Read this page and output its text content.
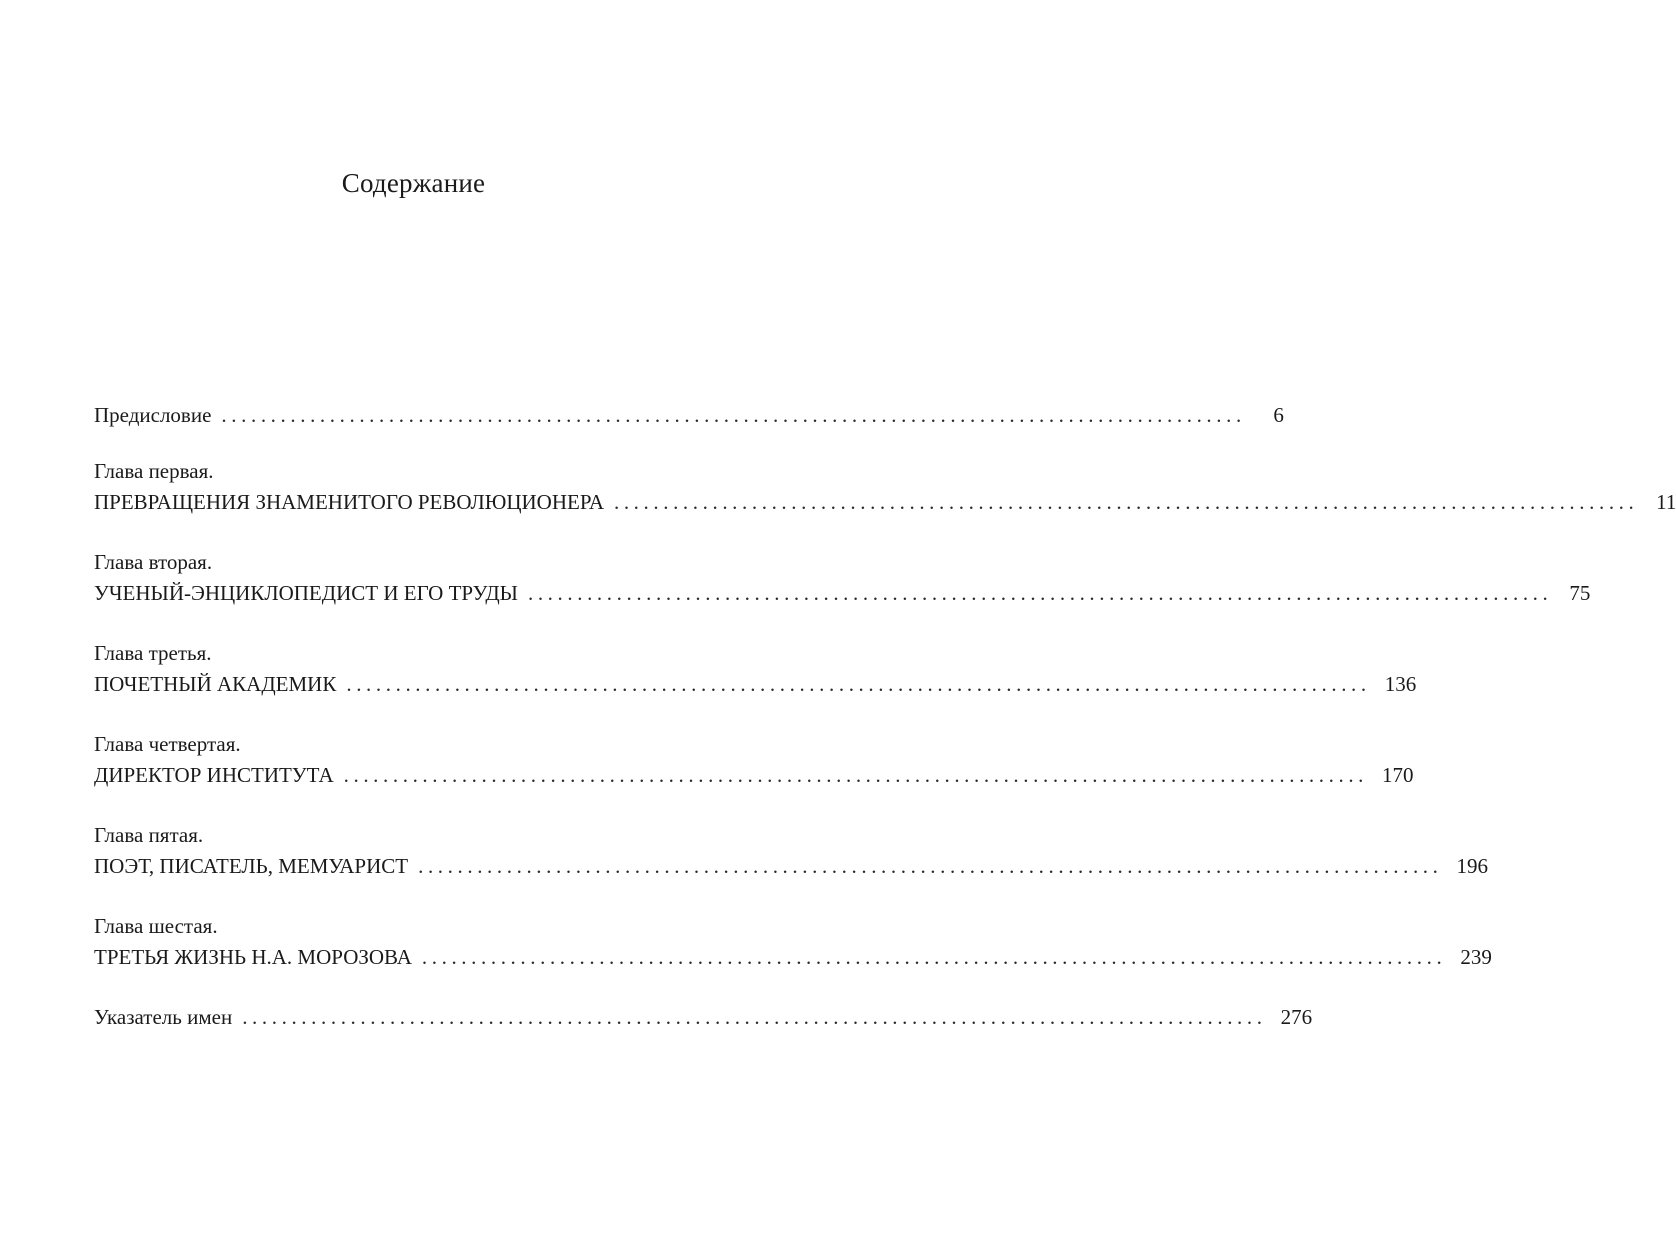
Содержание
Предисловие ........................................................................................................	6
Глава первая.
ПРЕВРАЩЕНИЯ ЗНАМЕНИТОГО РЕВОЛЮЦИОНЕРА ........................................................................................................ 11
Глава вторая.
УЧЕНЫЙ-ЭНЦИКЛОПЕДИСТ И ЕГО ТРУДЫ ........................................................................................................ 75
Глава третья.
ПОЧЕТНЫЙ АКАДЕМИК ........................................................................................................ 136
Глава четвертая.
ДИРЕКТОР ИНСТИТУТА ........................................................................................................ 170
Глава пятая.
ПОЭТ, ПИСАТЕЛЬ, МЕМУАРИСТ ........................................................................................................ 196
Глава шестая.
ТРЕТЬЯ ЖИЗНЬ Н.А. МОРОЗОВА ........................................................................................................ 239
Указатель имен ........................................................................................................ 276
